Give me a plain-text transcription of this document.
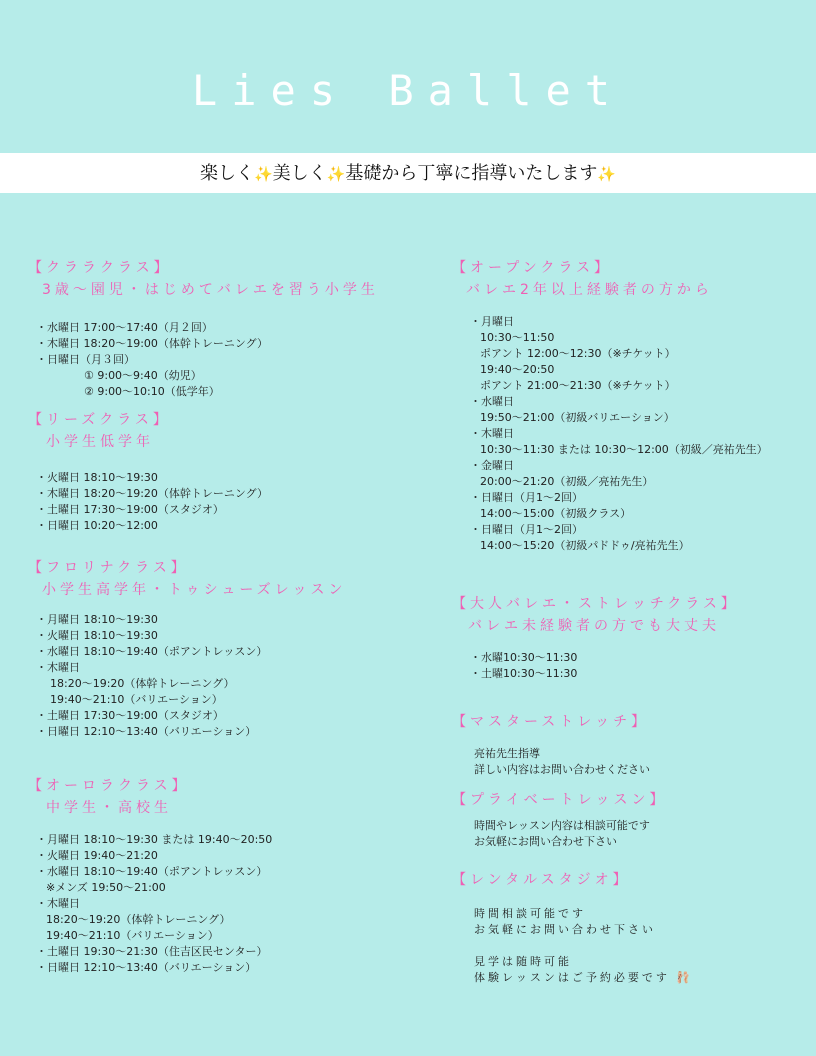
Lies Ballet
楽しく✨美しく✨基礎から丁寧に指導いたします✨
【クララクラス】
3歳〜園児・はじめてバレエを習う小学生
・水曜日 17:00〜17:40（月２回）
・木曜日 18:20〜19:00（体幹トレーニング）
・日曜日（月３回）
① 9:00〜9:40（幼児）
② 9:00〜10:10（低学年）
【リーズクラス】
小学生低学年
・火曜日 18:10〜19:30
・木曜日 18:20〜19:20（体幹トレーニング）
・土曜日 17:30〜19:00（スタジオ）
・日曜日 10:20〜12:00
【フロリナクラス】
小学生高学年・トゥシューズレッスン
・月曜日 18:10〜19:30
・火曜日 18:10〜19:30
・水曜日 18:10〜19:40（ポアントレッスン）
・木曜日
18:20〜19:20（体幹トレーニング）
19:40〜21:10（バリエーション）
・土曜日 17:30〜19:00（スタジオ）
・日曜日 12:10〜13:40（バリエーション）
【オーロラクラス】
中学生・高校生
・月曜日 18:10〜19:30 または 19:40〜20:50
・火曜日 19:40〜21:20
・水曜日 18:10〜19:40（ポアントレッスン）
※メンズ 19:50〜21:00
・木曜日
18:20〜19:20（体幹トレーニング）
19:40〜21:10（バリエーション）
・土曜日 19:30〜21:30（住吉区民センター）
・日曜日 12:10〜13:40（バリエーション）
【オープンクラス】
バレエ2年以上経験者の方から
・月曜日
10:30〜11:50
ポアント 12:00〜12:30（※チケット）
19:40〜20:50
ポアント 21:00〜21:30（※チケット）
・水曜日
19:50〜21:00（初級バリエーション）
・木曜日
10:30〜11:30 または 10:30〜12:00（初級／亮祐先生）
・金曜日
20:00〜21:20（初級／亮祐先生）
・日曜日（月1〜2回）
14:00〜15:00（初級クラス）
・日曜日（月1〜2回）
14:00〜15:20（初級パドドゥ/亮祐先生）
【大人バレエ・ストレッチクラス】
バレエ未経験者の方でも大丈夫
・水曜10:30〜11:30
・土曜10:30〜11:30
【マスターストレッチ】
亮祐先生指導
詳しい内容はお問い合わせください
【プライベートレッスン】
時間やレッスン内容は相談可能です
お気軽にお問い合わせ下さい
【レンタルスタジオ】
時間相談可能です
お気軽にお問い合わせ下さい

見学は随時可能
体験レッスンはご予約必要です 🩰
